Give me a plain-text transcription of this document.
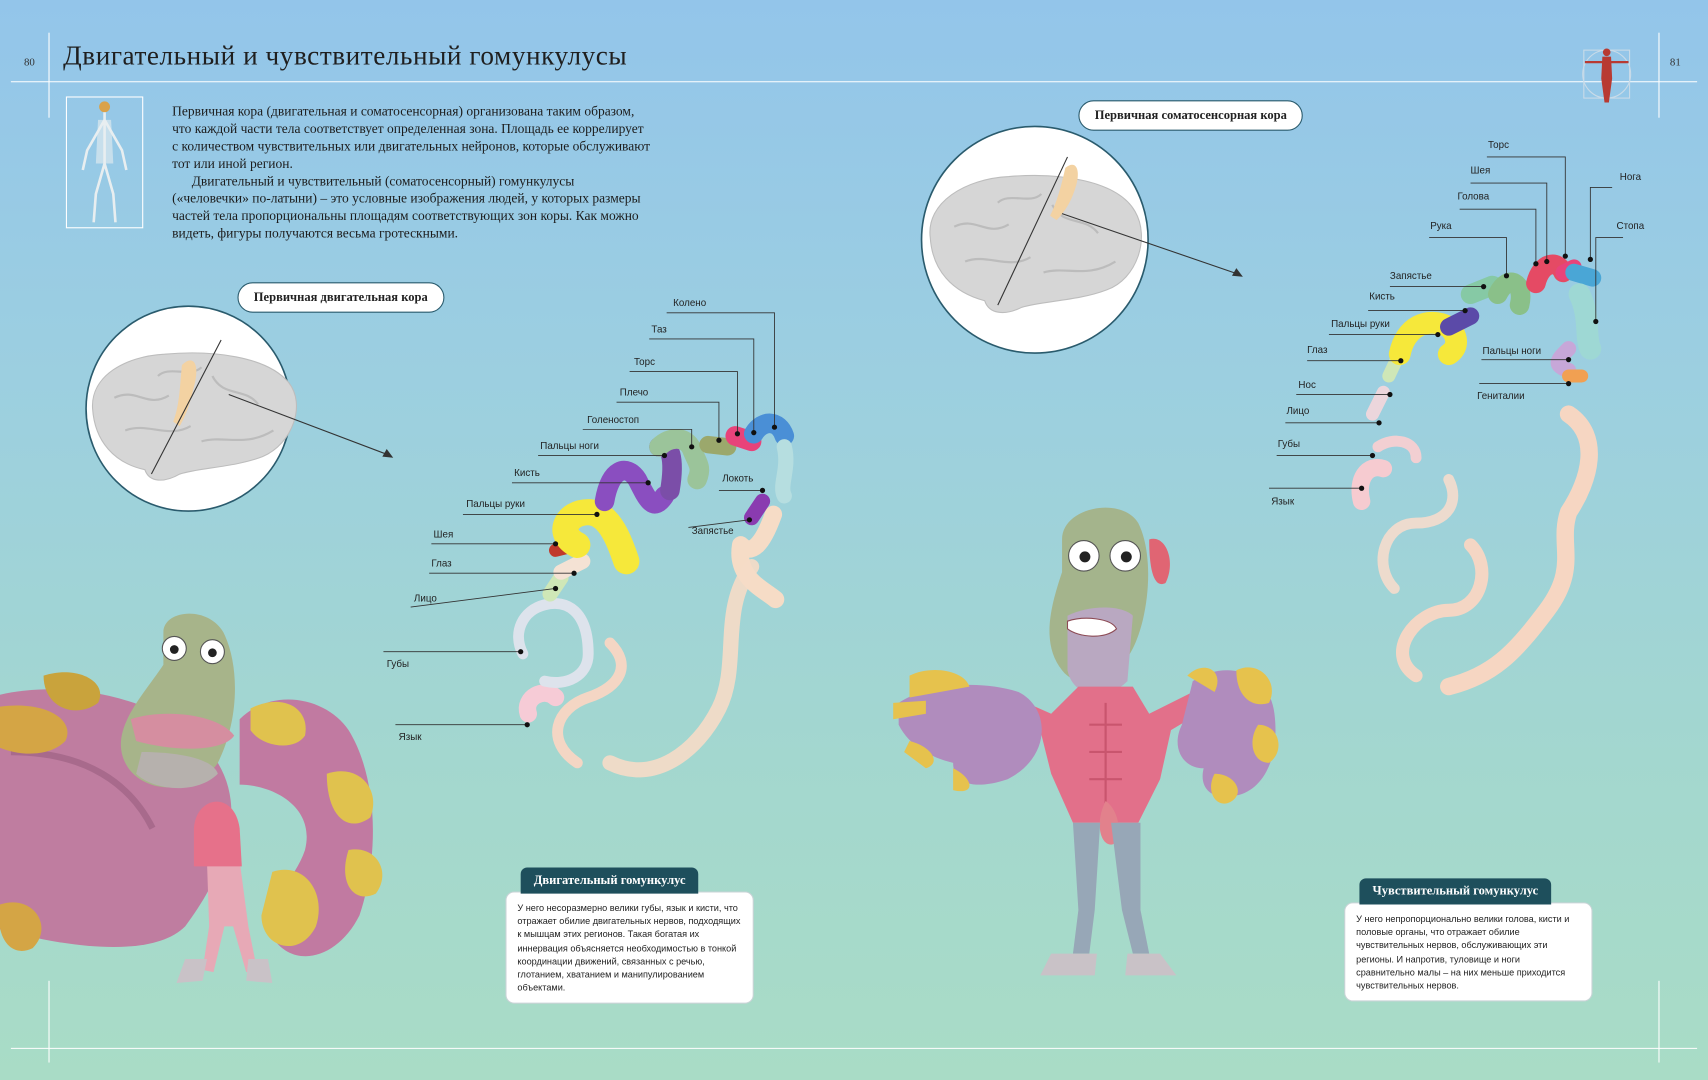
80 Двигательный и чувствительный гомункулусы	81

Первичная кора (двигательная и соматосенсорная) организована таким образом, что каждой части тела соответствует определенная зона. Площадь ее коррелирует с количеством чувствительных или двигательных нейронов, которые обслуживают тот или иной регион.

Двигательный и чувствительный (соматосенсорный) гомункулусы («человечки» по-латыни) – это условные изображения людей, у которых размеры частей тела пропорциональны площадям соответствующих зон коры. Как можно видеть, фигуры получаются весьма гротескными.

Первичная двигательная кора	Колено
Таз
Торс
Плечо
Голеностоп
Пальцы ноги
Кисть
Пальцы руки
Шея
Глаз
Лицо
Губы
Язык
Локоть
Запястье
Двигательный гомункулус
У него несоразмерно велики губы, язык и кисти, что отражает обилие двигательных нервов, подходящих к мышцам этих регионов. Такая богатая их иннервация объясняется необходимостью в тонкой координации движений, связанных с речью, глотанием, хватанием и манипулированием объектами.
Первичная соматосенсорная кора
Торс
Шея
Голова
Рука
Запястье
Кисть
Пальцы руки
Глаз
Нос
Лицо
Губы
Язык
Нога
Стопа
Пальцы ноги
Гениталии
Чувствительный гомункулус
У него непропорционально велики голова, кисти и половые органы, что отражает обилие чувствительных нервов, обслуживающих эти регионы. И напротив, туловище и ноги сравнительно малы – на них меньше приходится чувствительных нервов.
